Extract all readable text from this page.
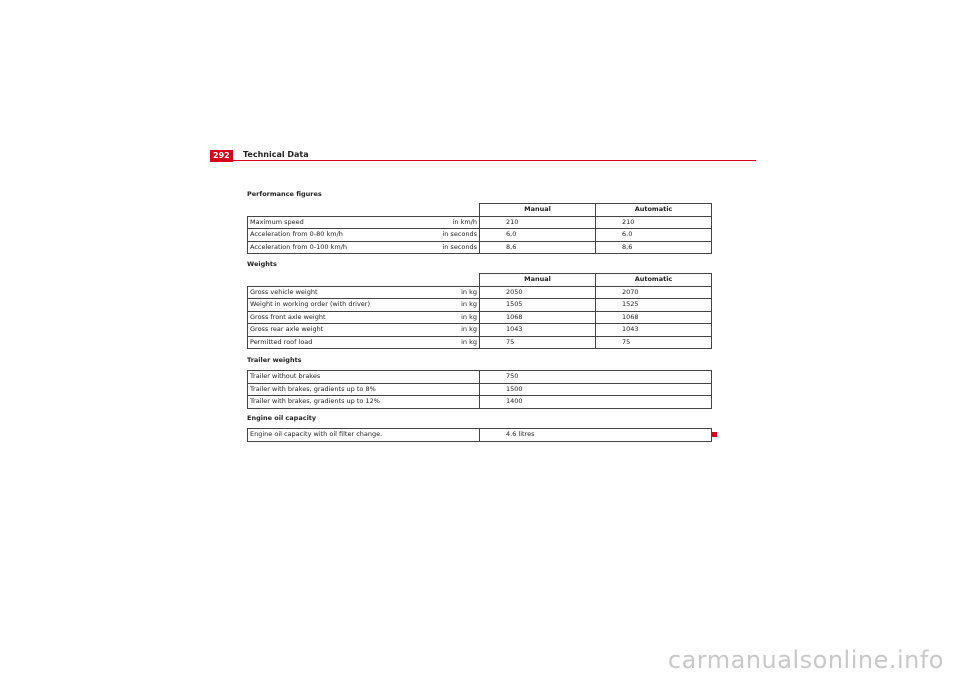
292	Technical Data
Performance figures
		Manual	Automatic
Maximum speed	in km/h	210	210
Acceleration from 0-80 km/h	in seconds	6,0	6,0
Acceleration from 0-100 km/h	in seconds	8,6	8,6
Weights
		Manual	Automatic
Gross vehicle weight	in kg	2050	2070
Weight in working order (with driver)	in kg	1505	1525
Gross front axle weight	in kg	1068	1068
Gross rear axle weight	in kg	1043	1043
Permitted roof load	in kg	75	75
Trailer weights
Trailer without brakes	750
Trailer with brakes, gradients up to 8%	1500
Trailer with brakes, gradients up to 12%	1400
Engine oil capacity
Engine oil capacity with oil filter change.	4.6 litres
carmanualsonline.info
